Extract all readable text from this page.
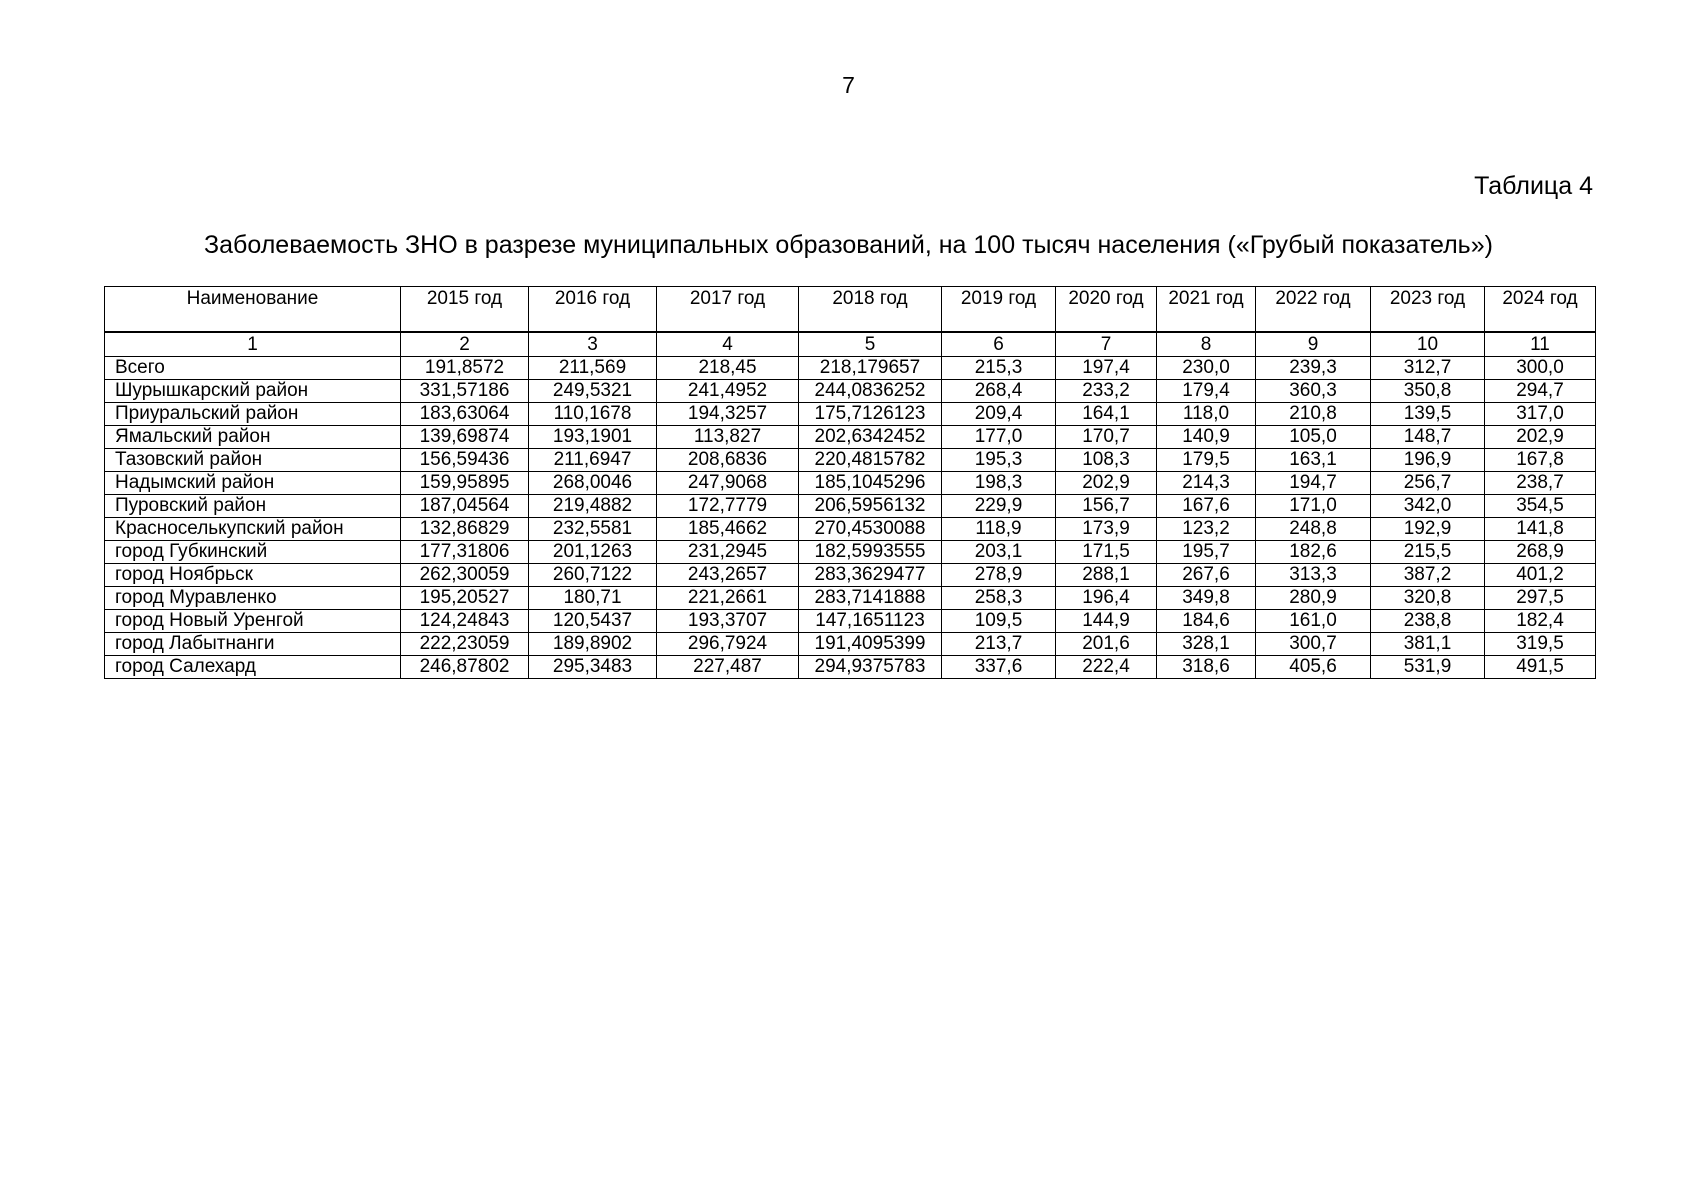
7
Таблица 4
Заболеваемость ЗНО в разрезе муниципальных образований, на 100 тысяч населения («Грубый показатель»)
Наименование	2015 год	2016 год	2017 год	2018 год	2019 год	2020 год	2021 год	2022 год	2023 год	2024 год
1	2	3	4	5	6	7	8	9	10	11
Всего	191,8572	211,569	218,45	218,179657	215,3	197,4	230,0	239,3	312,7	300,0
Шурышкарский район	331,57186	249,5321	241,4952	244,0836252	268,4	233,2	179,4	360,3	350,8	294,7
Приуральский район	183,63064	110,1678	194,3257	175,7126123	209,4	164,1	118,0	210,8	139,5	317,0
Ямальский район	139,69874	193,1901	113,827	202,6342452	177,0	170,7	140,9	105,0	148,7	202,9
Тазовский район	156,59436	211,6947	208,6836	220,4815782	195,3	108,3	179,5	163,1	196,9	167,8
Надымский район	159,95895	268,0046	247,9068	185,1045296	198,3	202,9	214,3	194,7	256,7	238,7
Пуровский район	187,04564	219,4882	172,7779	206,5956132	229,9	156,7	167,6	171,0	342,0	354,5
Красноселькупский район	132,86829	232,5581	185,4662	270,4530088	118,9	173,9	123,2	248,8	192,9	141,8
город Губкинский	177,31806	201,1263	231,2945	182,5993555	203,1	171,5	195,7	182,6	215,5	268,9
город Ноябрьск	262,30059	260,7122	243,2657	283,3629477	278,9	288,1	267,6	313,3	387,2	401,2
город Муравленко	195,20527	180,71	221,2661	283,7141888	258,3	196,4	349,8	280,9	320,8	297,5
город Новый Уренгой	124,24843	120,5437	193,3707	147,1651123	109,5	144,9	184,6	161,0	238,8	182,4
город Лабытнанги	222,23059	189,8902	296,7924	191,4095399	213,7	201,6	328,1	300,7	381,1	319,5
город Салехард	246,87802	295,3483	227,487	294,9375783	337,6	222,4	318,6	405,6	531,9	491,5
